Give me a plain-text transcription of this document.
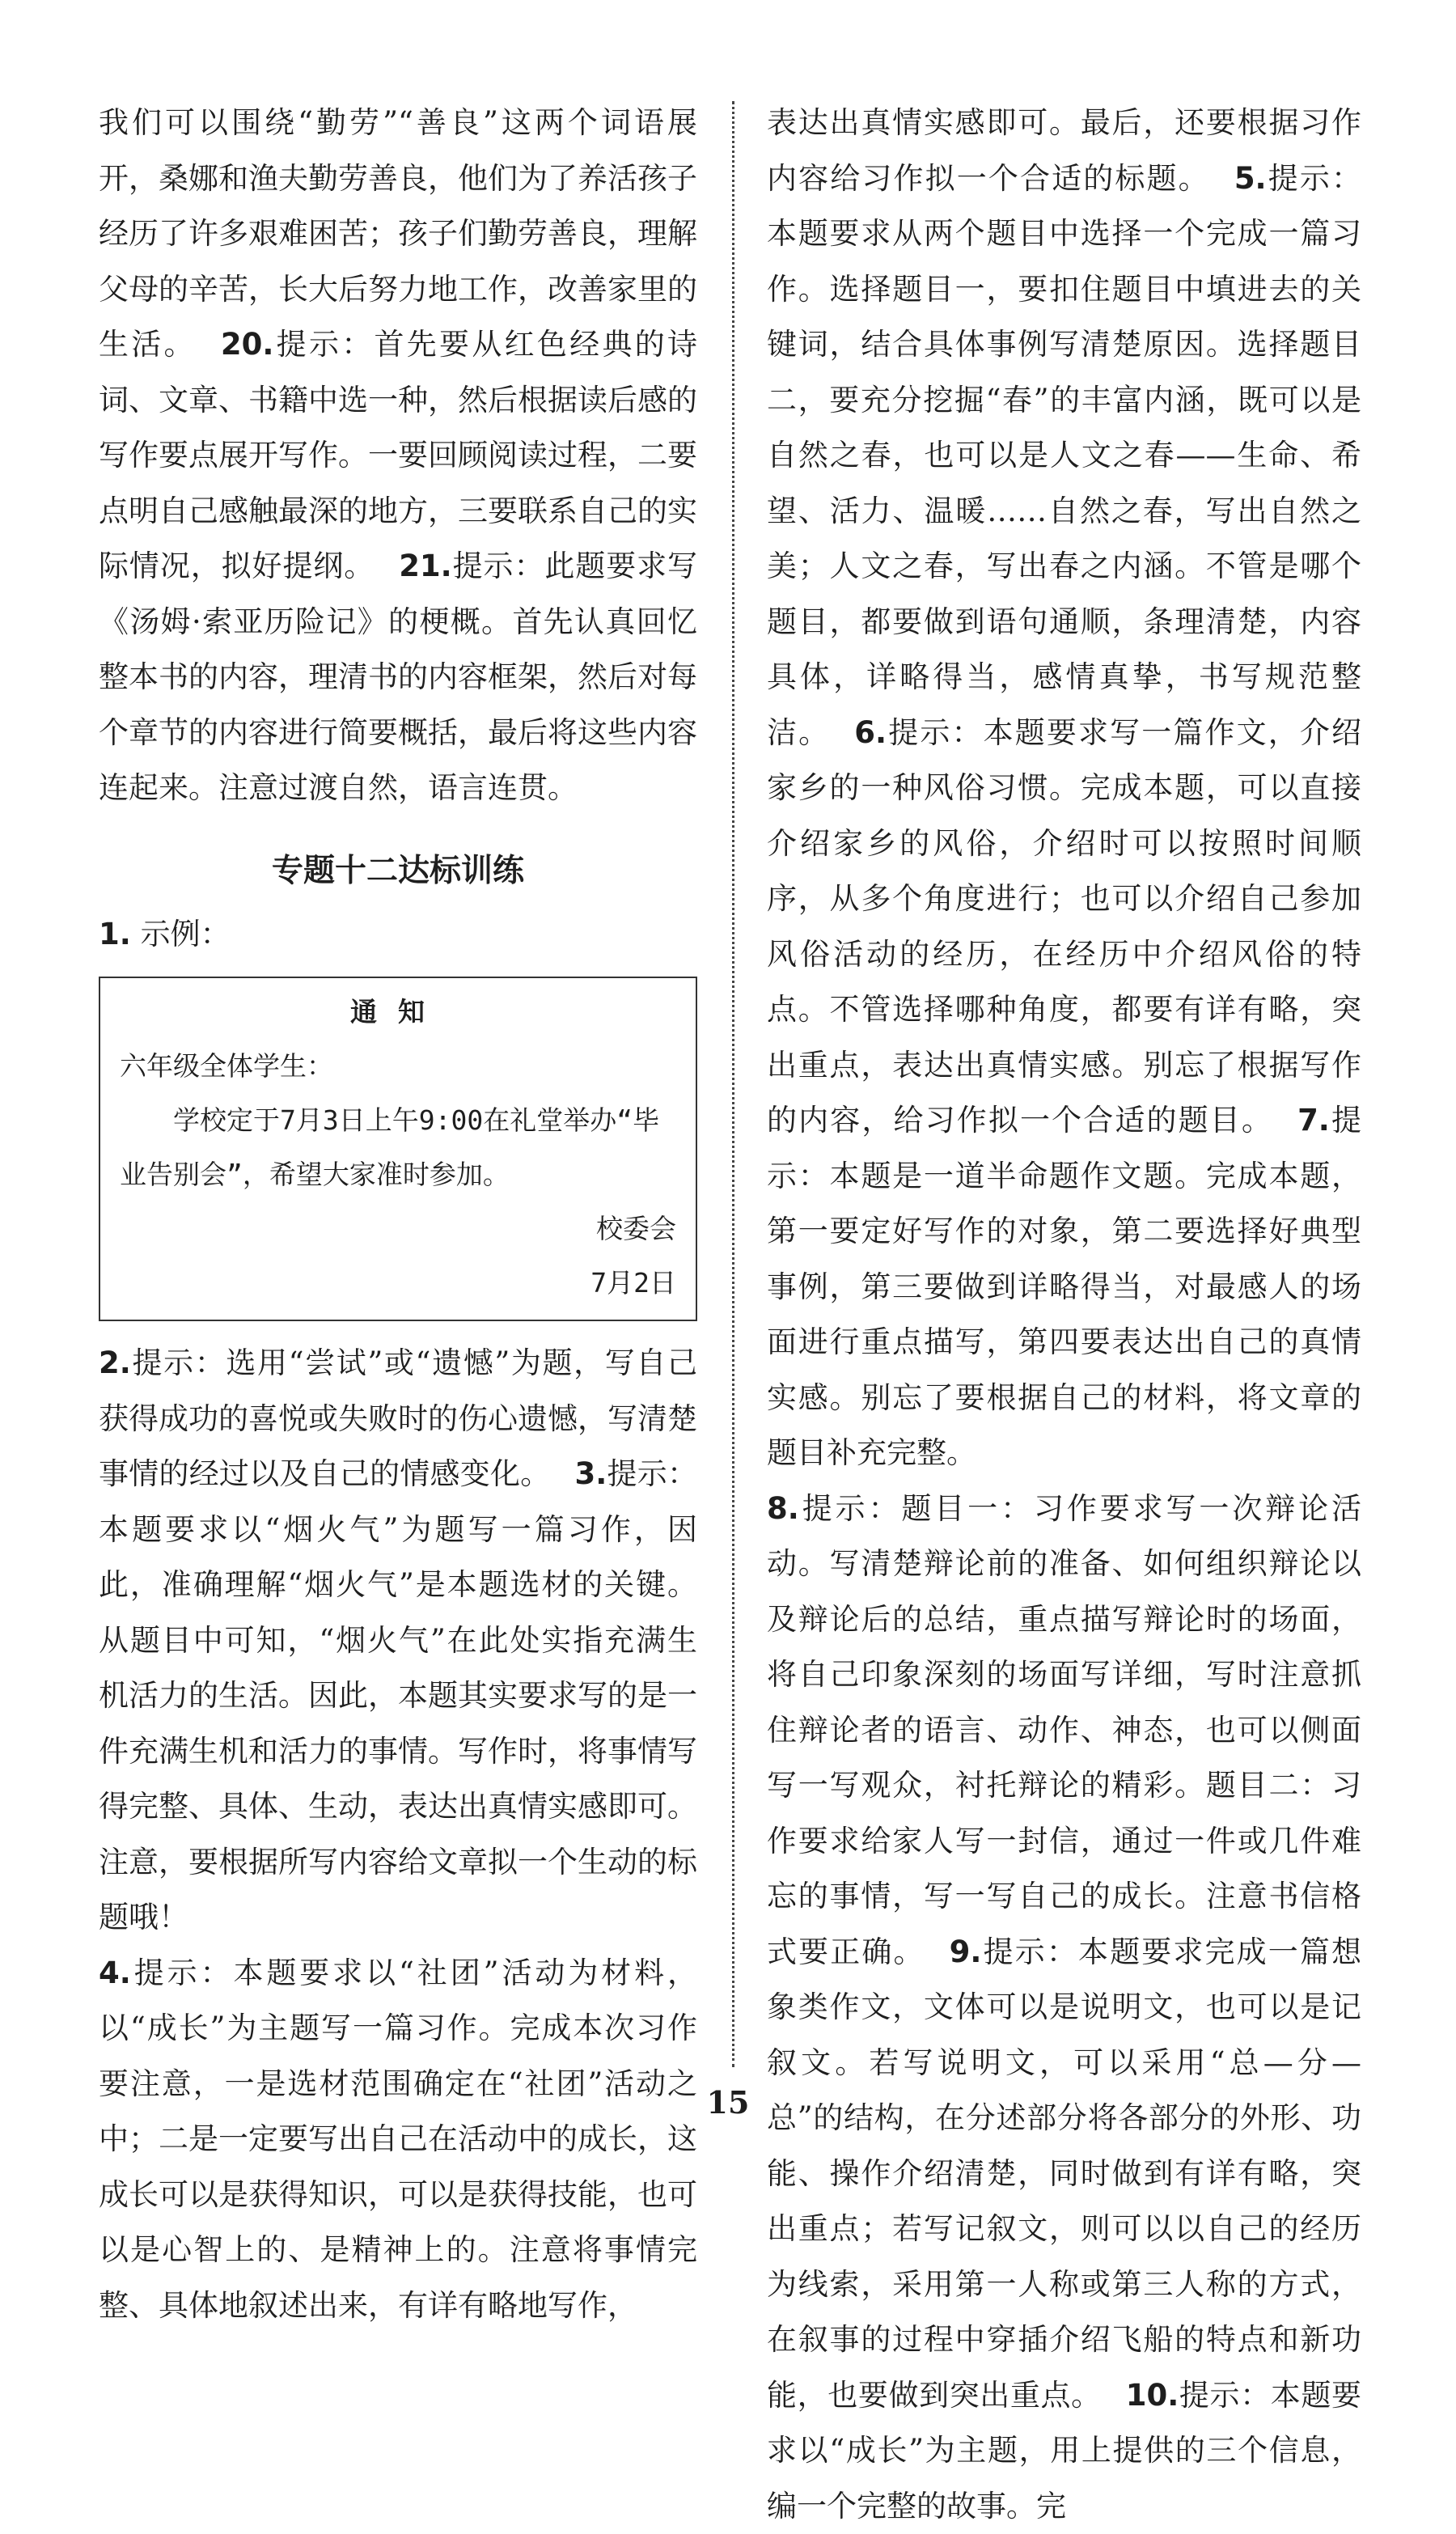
我们可以围绕“勤劳”“善良”这两个词语展开，桑娜和渔夫勤劳善良，他们为了养活孩子经历了许多艰难困苦；孩子们勤劳善良，理解父母的辛苦，长大后努力地工作，改善家里的生活。 20.提示：首先要从红色经典的诗词、文章、书籍中选一种，然后根据读后感的写作要点展开写作。一要回顾阅读过程，二要点明自己感触最深的地方，三要联系自己的实际情况，拟好提纲。 21.提示：此题要求写《汤姆·索亚历险记》的梗概。首先认真回忆整本书的内容，理清书的内容框架，然后对每个章节的内容进行简要概括，最后将这些内容连起来。注意过渡自然，语言连贯。

专题十二达标训练

1. 示例：

通知
六年级全体学生：
学校定于7月3日上午9:00在礼堂举办“毕业告别会”，希望大家准时参加。
校委会
7月2日

2.提示：选用“尝试”或“遗憾”为题，写自己获得成功的喜悦或失败时的伤心遗憾，写清楚事情的经过以及自己的情感变化。 3.提示：本题要求以“烟火气”为题写一篇习作，因此，准确理解“烟火气”是本题选材的关键。从题目中可知，“烟火气”在此处实指充满生机活力的生活。因此，本题其实要求写的是一件充满生机和活力的事情。写作时，将事情写得完整、具体、生动，表达出真情实感即可。注意，要根据所写内容给文章拟一个生动的标题哦！

4.提示：本题要求以“社团”活动为材料，以“成长”为主题写一篇习作。完成本次习作要注意，一是选材范围确定在“社团”活动之中；二是一定要写出自己在活动中的成长，这成长可以是获得知识，可以是获得技能，也可以是心智上的、是精神上的。注意将事情完整、具体地叙述出来，有详有略地写作，

表达出真情实感即可。最后，还要根据习作内容给习作拟一个合适的标题。 5.提示：本题要求从两个题目中选择一个完成一篇习作。选择题目一，要扣住题目中填进去的关键词，结合具体事例写清楚原因。选择题目二，要充分挖掘“春”的丰富内涵，既可以是自然之春，也可以是人文之春——生命、希望、活力、温暖……自然之春，写出自然之美；人文之春，写出春之内涵。不管是哪个题目，都要做到语句通顺，条理清楚，内容具体，详略得当，感情真挚，书写规范整洁。 6.提示：本题要求写一篇作文，介绍家乡的一种风俗习惯。完成本题，可以直接介绍家乡的风俗，介绍时可以按照时间顺序，从多个角度进行；也可以介绍自己参加风俗活动的经历，在经历中介绍风俗的特点。不管选择哪种角度，都要有详有略，突出重点，表达出真情实感。别忘了根据写作的内容，给习作拟一个合适的题目。 7.提示：本题是一道半命题作文题。完成本题，第一要定好写作的对象，第二要选择好典型事例，第三要做到详略得当，对最感人的场面进行重点描写，第四要表达出自己的真情实感。别忘了要根据自己的材料，将文章的题目补充完整。

8.提示：题目一：习作要求写一次辩论活动。写清楚辩论前的准备、如何组织辩论以及辩论后的总结，重点描写辩论时的场面，将自己印象深刻的场面写详细，写时注意抓住辩论者的语言、动作、神态，也可以侧面写一写观众，衬托辩论的精彩。题目二：习作要求给家人写一封信，通过一件或几件难忘的事情，写一写自己的成长。注意书信格式要正确。 9.提示：本题要求完成一篇想象类作文，文体可以是说明文，也可以是记叙文。若写说明文，可以采用“总—分—总”的结构，在分述部分将各部分的外形、功能、操作介绍清楚，同时做到有详有略，突出重点；若写记叙文，则可以以自己的经历为线索，采用第一人称或第三人称的方式，在叙事的过程中穿插介绍飞船的特点和新功能，也要做到突出重点。 10.提示：本题要求以“成长”为主题，用上提供的三个信息，编一个完整的故事。完

15
